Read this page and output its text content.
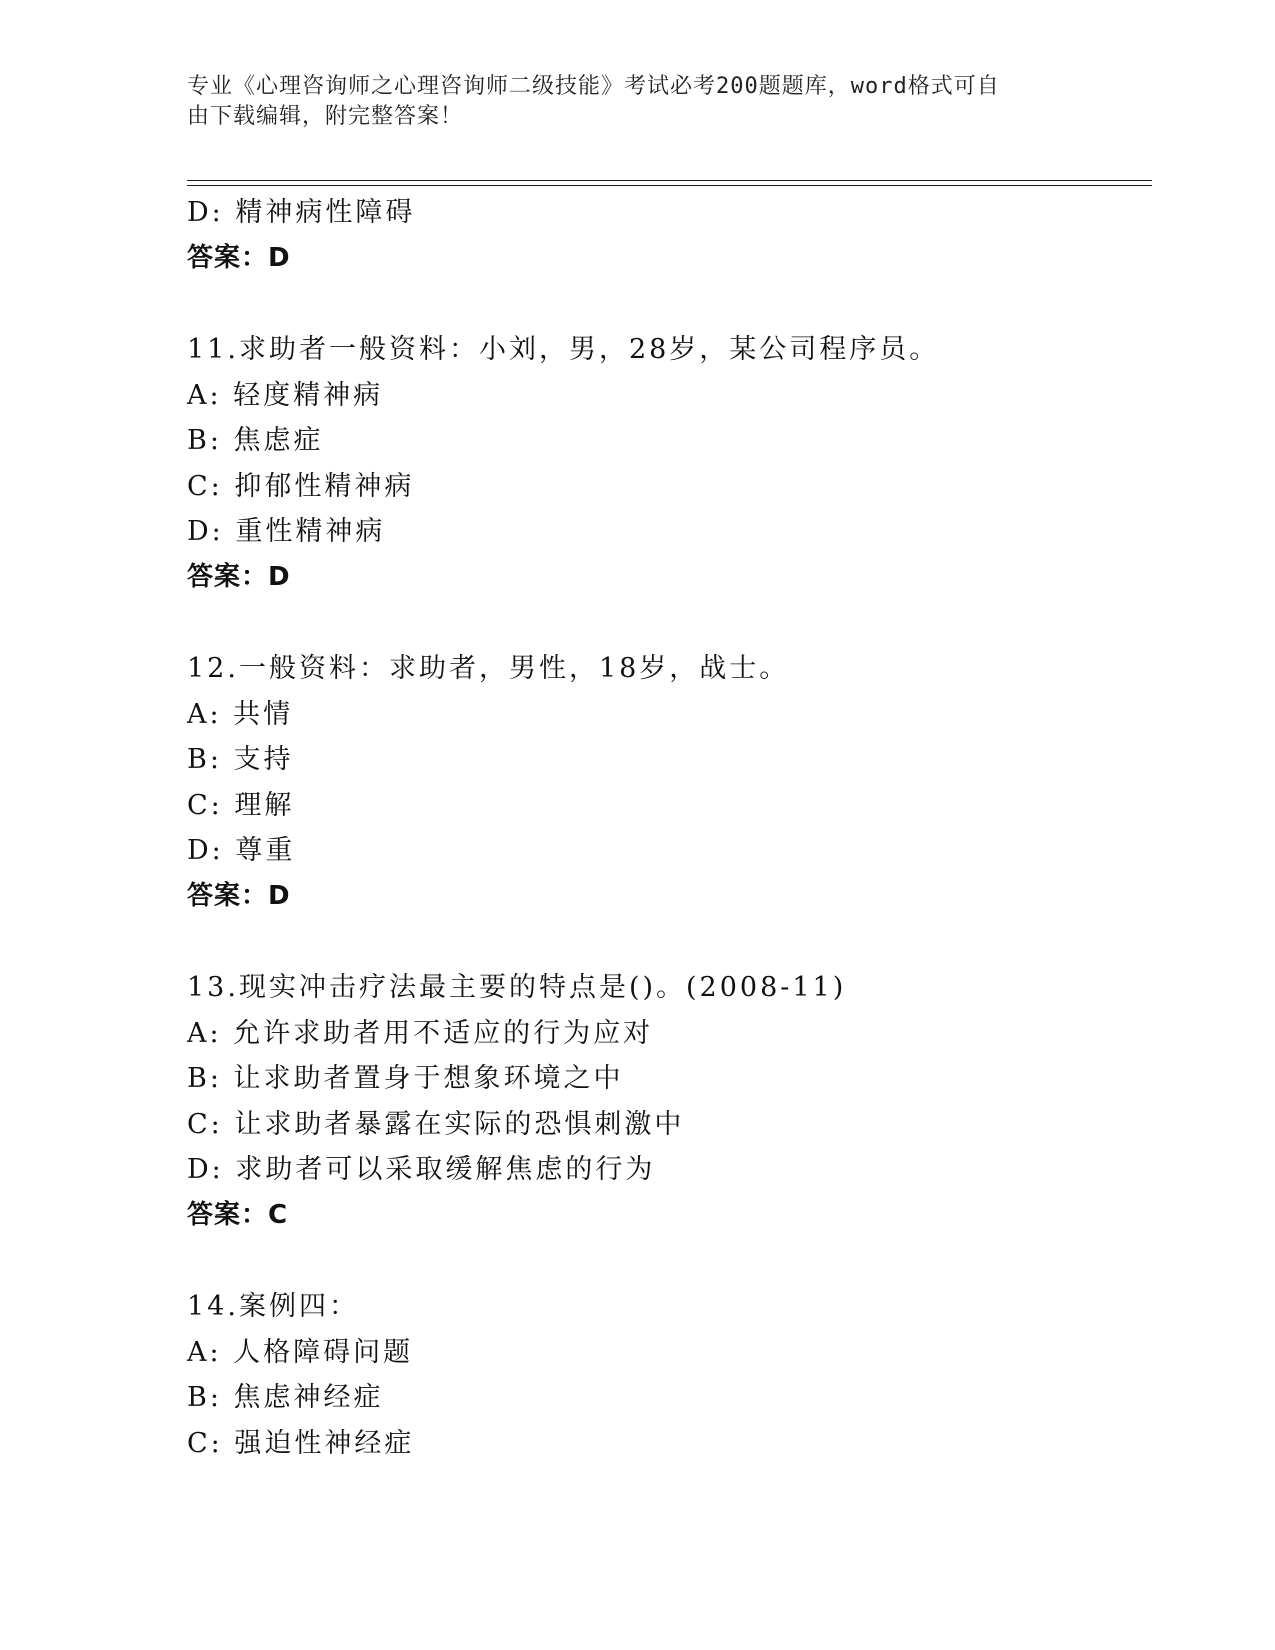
专业《心理咨询师之心理咨询师二级技能》考试必考200题题库，word格式可自
由下载编辑，附完整答案！
D: 精神病性障碍
答案：D
11.求助者一般资料：小刘，男，28岁，某公司程序员。
A: 轻度精神病
B: 焦虑症
C: 抑郁性精神病
D: 重性精神病
答案：D
12.一般资料：求助者，男性，18岁，战士。
A: 共情
B: 支持
C: 理解
D: 尊重
答案：D
13.现实冲击疗法最主要的特点是()。(2008-11)
A: 允许求助者用不适应的行为应对
B: 让求助者置身于想象环境之中
C: 让求助者暴露在实际的恐惧刺激中
D: 求助者可以采取缓解焦虑的行为
答案：C
14.案例四：
A: 人格障碍问题
B: 焦虑神经症
C: 强迫性神经症
